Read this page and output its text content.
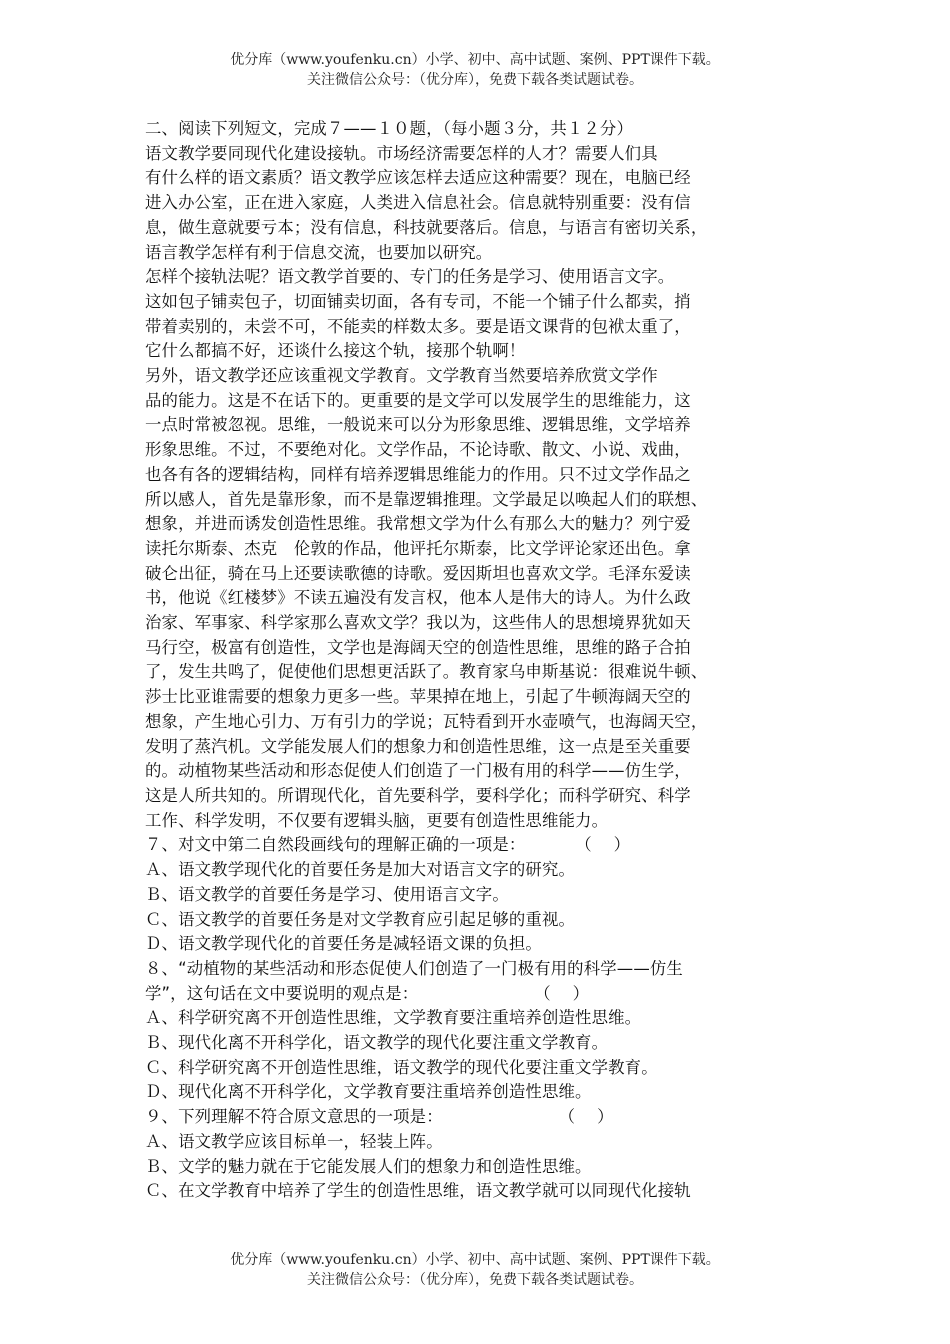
优分库（www.youfenku.cn）小学、初中、高中试题、案例、PPT课件下载。
关注微信公众号：（优分库），免费下载各类试题试卷。
二、阅读下列短文，完成７——１０题，（每小题３分，共１２分）
语文教学要同现代化建设接轨。市场经济需要怎样的人才？需要人们具
有什么样的语文素质？语文教学应该怎样去适应这种需要？现在，电脑已经
进入办公室，正在进入家庭，人类进入信息社会。信息就特别重要：没有信
息，做生意就要亏本；没有信息，科技就要落后。信息，与语言有密切关系，
语言教学怎样有利于信息交流，也要加以研究。
怎样个接轨法呢？语文教学首要的、专门的任务是学习、使用语言文字。
这如包子铺卖包子，切面铺卖切面，各有专司，不能一个铺子什么都卖，捎
带着卖别的，未尝不可，不能卖的样数太多。要是语文课背的包袱太重了，
它什么都搞不好，还谈什么接这个轨，接那个轨啊！
另外，语文教学还应该重视文学教育。文学教育当然要培养欣赏文学作
品的能力。这是不在话下的。更重要的是文学可以发展学生的思维能力，这
一点时常被忽视。思维，一般说来可以分为形象思维、逻辑思维，文学培养
形象思维。不过，不要绝对化。文学作品，不论诗歌、散文、小说、戏曲，
也各有各的逻辑结构，同样有培养逻辑思维能力的作用。只不过文学作品之
所以感人，首先是靠形象，而不是靠逻辑推理。文学最足以唤起人们的联想、
想象，并进而诱发创造性思维。我常想文学为什么有那么大的魅力？列宁爱
读托尔斯泰、杰克　伦敦的作品，他评托尔斯泰，比文学评论家还出色。拿
破仑出征，骑在马上还要读歌德的诗歌。爱因斯坦也喜欢文学。毛泽东爱读
书，他说《红楼梦》不读五遍没有发言权，他本人是伟大的诗人。为什么政
治家、军事家、科学家那么喜欢文学？我以为，这些伟人的思想境界犹如天
马行空，极富有创造性，文学也是海阔天空的创造性思维，思维的路子合拍
了，发生共鸣了，促使他们思想更活跃了。教育家乌申斯基说：很难说牛顿、
莎士比亚谁需要的想象力更多一些。苹果掉在地上，引起了牛顿海阔天空的
想象，产生地心引力、万有引力的学说；瓦特看到开水壶喷气，也海阔天空，
发明了蒸汽机。文学能发展人们的想象力和创造性思维，这一点是至关重要
的。动植物某些活动和形态促使人们创造了一门极有用的科学——仿生学，
这是人所共知的。所谓现代化，首先要科学，要科学化；而科学研究、科学
工作、科学发明，不仅要有逻辑头脑，更要有创造性思维能力。
７、对文中第二自然段画线句的理解正确的一项是：　　　　（　 ）
Ａ、语文教学现代化的首要任务是加大对语言文字的研究。
Ｂ、语文教学的首要任务是学习、使用语言文字。
Ｃ、语文教学的首要任务是对文学教育应引起足够的重视。
Ｄ、语文教学现代化的首要任务是减轻语文课的负担。
８、“动植物的某些活动和形态促使人们创造了一门极有用的科学——仿生
学”，这句话在文中要说明的观点是：　　　　　　　　（　 ）
Ａ、科学研究离不开创造性思维，文学教育要注重培养创造性思维。
Ｂ、现代化离不开科学化，语文教学的现代化要注重文学教育。
Ｃ、科学研究离不开创造性思维，语文教学的现代化要注重文学教育。
Ｄ、现代化离不开科学化，文学教育要注重培养创造性思维。
９、下列理解不符合原文意思的一项是：　　　　　　　　（　 ）
Ａ、语文教学应该目标单一，轻装上阵。
Ｂ、文学的魅力就在于它能发展人们的想象力和创造性思维。
Ｃ、在文学教育中培养了学生的创造性思维，语文教学就可以同现代化接轨
优分库（www.youfenku.cn）小学、初中、高中试题、案例、PPT课件下载。
关注微信公众号：（优分库），免费下载各类试题试卷。
